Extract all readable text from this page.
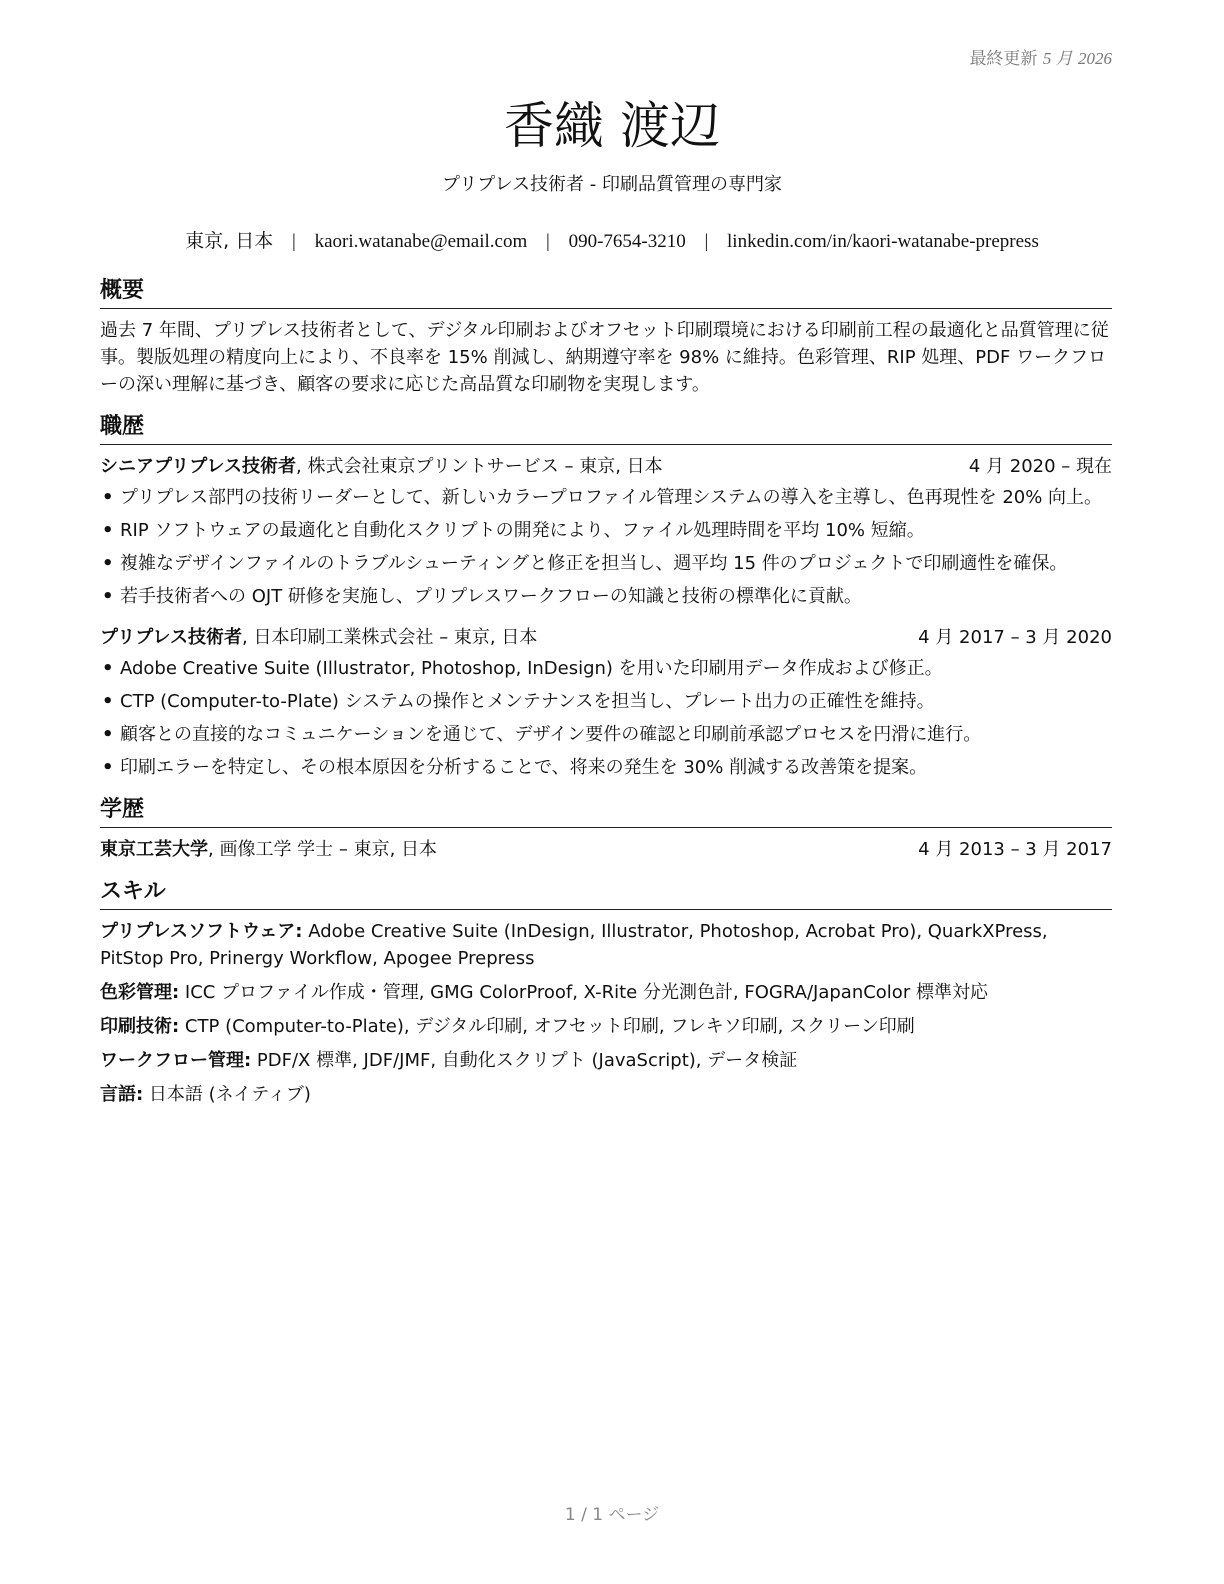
最終更新 5 月 2026
香織 渡辺
プリプレス技術者 - 印刷品質管理の専門家
東京, 日本 | kaori.watanabe@email.com | 090-7654-3210 | linkedin.com/in/kaori-watanabe-prepress
概要

過去 7 年間、プリプレス技術者として、デジタル印刷およびオフセット印刷環境における印刷前工程の最適化と品質管理に従事。製版処理の精度向上により、不良率を 15% 削減し、納期遵守率を 98% に維持。色彩管理、RIP 処理、PDF ワークフローの深い理解に基づき、顧客の要求に応じた高品質な印刷物を実現します。

職歴
シニアプリプレス技術者, 株式会社東京プリントサービス – 東京, 日本	4 月 2020 – 現在
• プリプレス部門の技術リーダーとして、新しいカラープロファイル管理システムの導入を主導し、色再現性を 20% 向上。
• RIP ソフトウェアの最適化と自動化スクリプトの開発により、ファイル処理時間を平均 10% 短縮。
• 複雑なデザインファイルのトラブルシューティングと修正を担当し、週平均 15 件のプロジェクトで印刷適性を確保。
• 若手技術者への OJT 研修を実施し、プリプレスワークフローの知識と技術の標準化に貢献。
プリプレス技術者, 日本印刷工業株式会社 – 東京, 日本	4 月 2017 – 3 月 2020
• Adobe Creative Suite (Illustrator, Photoshop, InDesign) を用いた印刷用データ作成および修正。
• CTP (Computer-to-Plate) システムの操作とメンテナンスを担当し、プレート出力の正確性を維持。
• 顧客との直接的なコミュニケーションを通じて、デザイン要件の確認と印刷前承認プロセスを円滑に進行。
• 印刷エラーを特定し、その根本原因を分析することで、将来の発生を 30% 削減する改善策を提案。
学歴
東京工芸大学, 画像工学 学士 – 東京, 日本	4 月 2013 – 3 月 2017
スキル

プリプレスソフトウェア: Adobe Creative Suite (InDesign, Illustrator, Photoshop, Acrobat Pro), QuarkXPress, PitStop Pro, Prinergy Workflow, Apogee Prepress

色彩管理: ICC プロファイル作成・管理, GMG ColorProof, X-Rite 分光測色計, FOGRA/JapanColor 標準対応

印刷技術: CTP (Computer-to-Plate), デジタル印刷, オフセット印刷, フレキソ印刷, スクリーン印刷

ワークフロー管理: PDF/X 標準, JDF/JMF, 自動化スクリプト (JavaScript), データ検証

言語: 日本語 (ネイティブ)

1 / 1 ページ
